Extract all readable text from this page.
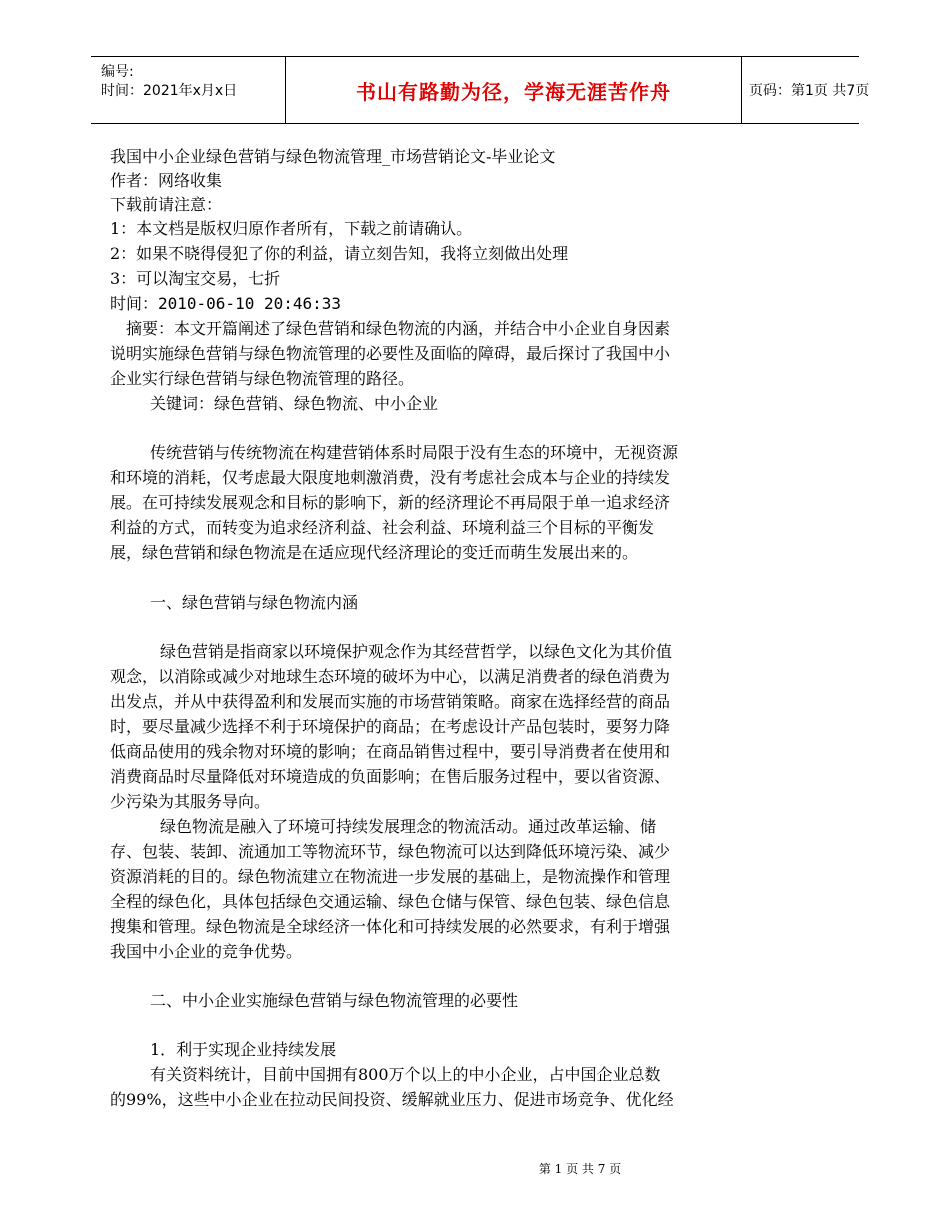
编号:
时间：2021年x月x日	书山有路勤为径，学海无涯苦作舟	页码：第1页 共7页
我国中小企业绿色营销与绿色物流管理_市场营销论文-毕业论文
作者：网络收集
下载前请注意：
1：本文档是版权归原作者所有，下载之前请确认。
2：如果不晓得侵犯了你的利益，请立刻告知，我将立刻做出处理
3：可以淘宝交易，七折
时间：2010-06-10 20:46:33
　摘要：本文开篇阐述了绿色营销和绿色物流的内涵，并结合中小企业自身因素
说明实施绿色营销与绿色物流管理的必要性及面临的障碍，最后探讨了我国中小
企业实行绿色营销与绿色物流管理的路径。
关键词：绿色营销、绿色物流、中小企业
传统营销与传统物流在构建营销体系时局限于没有生态的环境中，无视资源
和环境的消耗，仅考虑最大限度地刺激消费，没有考虑社会成本与企业的持续发
展。在可持续发展观念和目标的影响下，新的经济理论不再局限于单一追求经济
利益的方式，而转变为追求经济利益、社会利益、环境利益三个目标的平衡发
展，绿色营销和绿色物流是在适应现代经济理论的变迁而萌生发展出来的。
一、绿色营销与绿色物流内涵
绿色营销是指商家以环境保护观念作为其经营哲学，以绿色文化为其价值
观念，以消除或减少对地球生态环境的破坏为中心，以满足消费者的绿色消费为
出发点，并从中获得盈利和发展而实施的市场营销策略。商家在选择经营的商品
时，要尽量减少选择不利于环境保护的商品；在考虑设计产品包装时，要努力降
低商品使用的残余物对环境的影响；在商品销售过程中，要引导消费者在使用和
消费商品时尽量降低对环境造成的负面影响；在售后服务过程中，要以省资源、
少污染为其服务导向。
绿色物流是融入了环境可持续发展理念的物流活动。通过改革运输、储
存、包装、装卸、流通加工等物流环节，绿色物流可以达到降低环境污染、减少
资源消耗的目的。绿色物流建立在物流进一步发展的基础上，是物流操作和管理
全程的绿色化，具体包括绿色交通运输、绿色仓储与保管、绿色包装、绿色信息
搜集和管理。绿色物流是全球经济一体化和可持续发展的必然要求，有利于增强
我国中小企业的竞争优势。
二、中小企业实施绿色营销与绿色物流管理的必要性
1．利于实现企业持续发展
有关资料统计，目前中国拥有800万个以上的中小企业，占中国企业总数
的99%，这些中小企业在拉动民间投资、缓解就业压力、促进市场竞争、优化经
第 1 页 共 7 页
